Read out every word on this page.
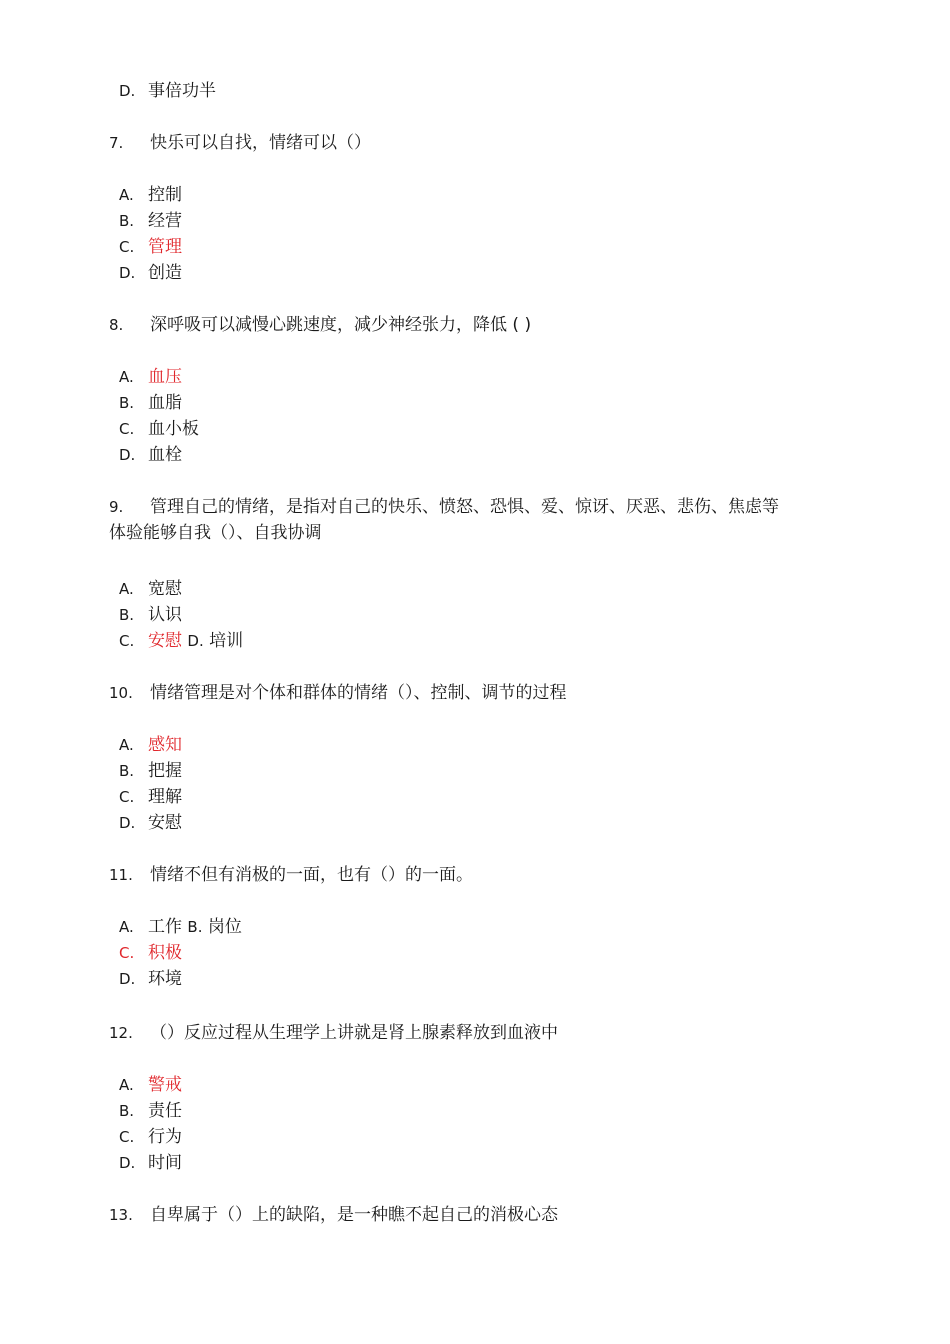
D. 事倍功半
7. 快乐可以自找，情绪可以（）
A. 控制
B. 经营
C. 管理
D. 创造
8. 深呼吸可以减慢心跳速度，减少神经张力，降低 ( )
A. 血压
B. 血脂
C. 血小板
D. 血栓
9. 管理自己的情绪，是指对自己的快乐、愤怒、恐惧、爱、惊讶、厌恶、悲伤、焦虑等
体验能够自我（）、自我协调
A. 宽慰
B. 认识
C. 安慰 D. 培训
10. 情绪管理是对个体和群体的情绪（）、控制、调节的过程
A. 感知
B. 把握
C. 理解
D. 安慰
11. 情绪不但有消极的一面，也有（）的一面。
A. 工作 B. 岗位
C. 积极
D. 环境
12. （）反应过程从生理学上讲就是肾上腺素释放到血液中
A. 警戒
B. 责任
C. 行为
D. 时间
13. 自卑属于（）上的缺陷，是一种瞧不起自己的消极心态
